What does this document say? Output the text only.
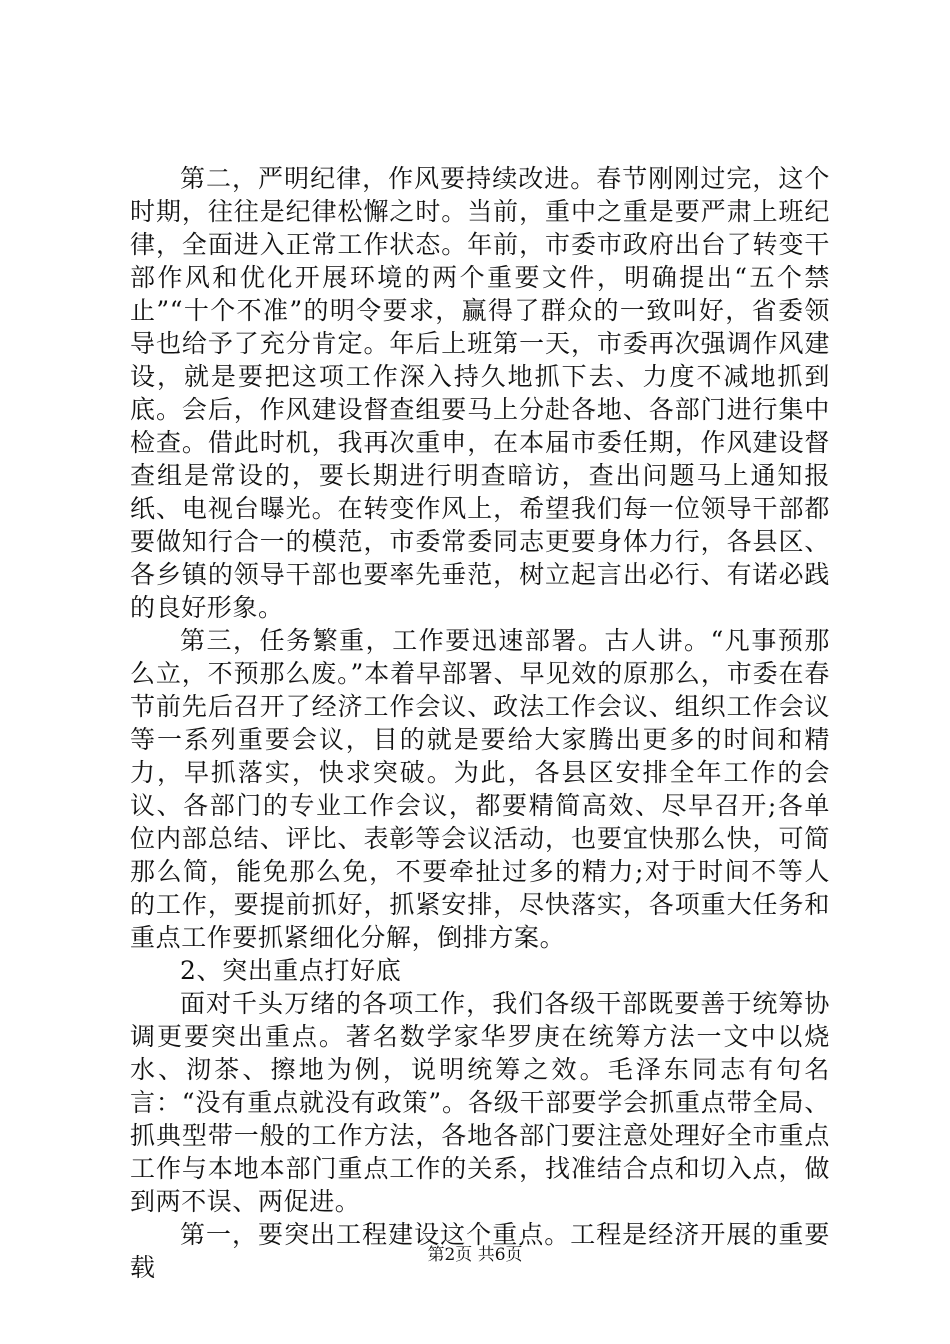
第二，严明纪律，作风要持续改进。春节刚刚过完，这个时期，往往是纪律松懈之时。当前，重中之重是要严肃上班纪律，全面进入正常工作状态。年前，市委市政府出台了转变干部作风和优化开展环境的两个重要文件，明确提出“五个禁止”“十个不准”的明令要求，赢得了群众的一致叫好，省委领导也给予了充分肯定。年后上班第一天，市委再次强调作风建设，就是要把这项工作深入持久地抓下去、力度不减地抓到底。会后，作风建设督查组要马上分赴各地、各部门进行集中检查。借此时机，我再次重申，在本届市委任期，作风建设督查组是常设的，要长期进行明查暗访，查出问题马上通知报纸、电视台曝光。在转变作风上，希望我们每一位领导干部都要做知行合一的模范，市委常委同志更要身体力行，各县区、各乡镇的领导干部也要率先垂范，树立起言出必行、有诺必践的良好形象。

第三，任务繁重，工作要迅速部署。古人讲。“凡事预那么立，不预那么废。”本着早部署、早见效的原那么，市委在春节前先后召开了经济工作会议、政法工作会议、组织工作会议等一系列重要会议，目的就是要给大家腾出更多的时间和精力，早抓落实，快求突破。为此，各县区安排全年工作的会议、各部门的专业工作会议，都要精简高效、尽早召开;各单位内部总结、评比、表彰等会议活动，也要宜快那么快，可简那么简，能免那么免，不要牵扯过多的精力;对于时间不等人的工作，要提前抓好，抓紧安排，尽快落实，各项重大任务和重点工作要抓紧细化分解，倒排方案。

2、突出重点打好底

面对千头万绪的各项工作，我们各级干部既要善于统筹协调更要突出重点。著名数学家华罗庚在统筹方法一文中以烧水、沏茶、擦地为例，说明统筹之效。毛泽东同志有句名言：“没有重点就没有政策”。各级干部要学会抓重点带全局、抓典型带一般的工作方法，各地各部门要注意处理好全市重点工作与本地本部门重点工作的关系，找准结合点和切入点，做到两不误、两促进。

第一，要突出工程建设这个重点。工程是经济开展的重要载	第2页 共6页
